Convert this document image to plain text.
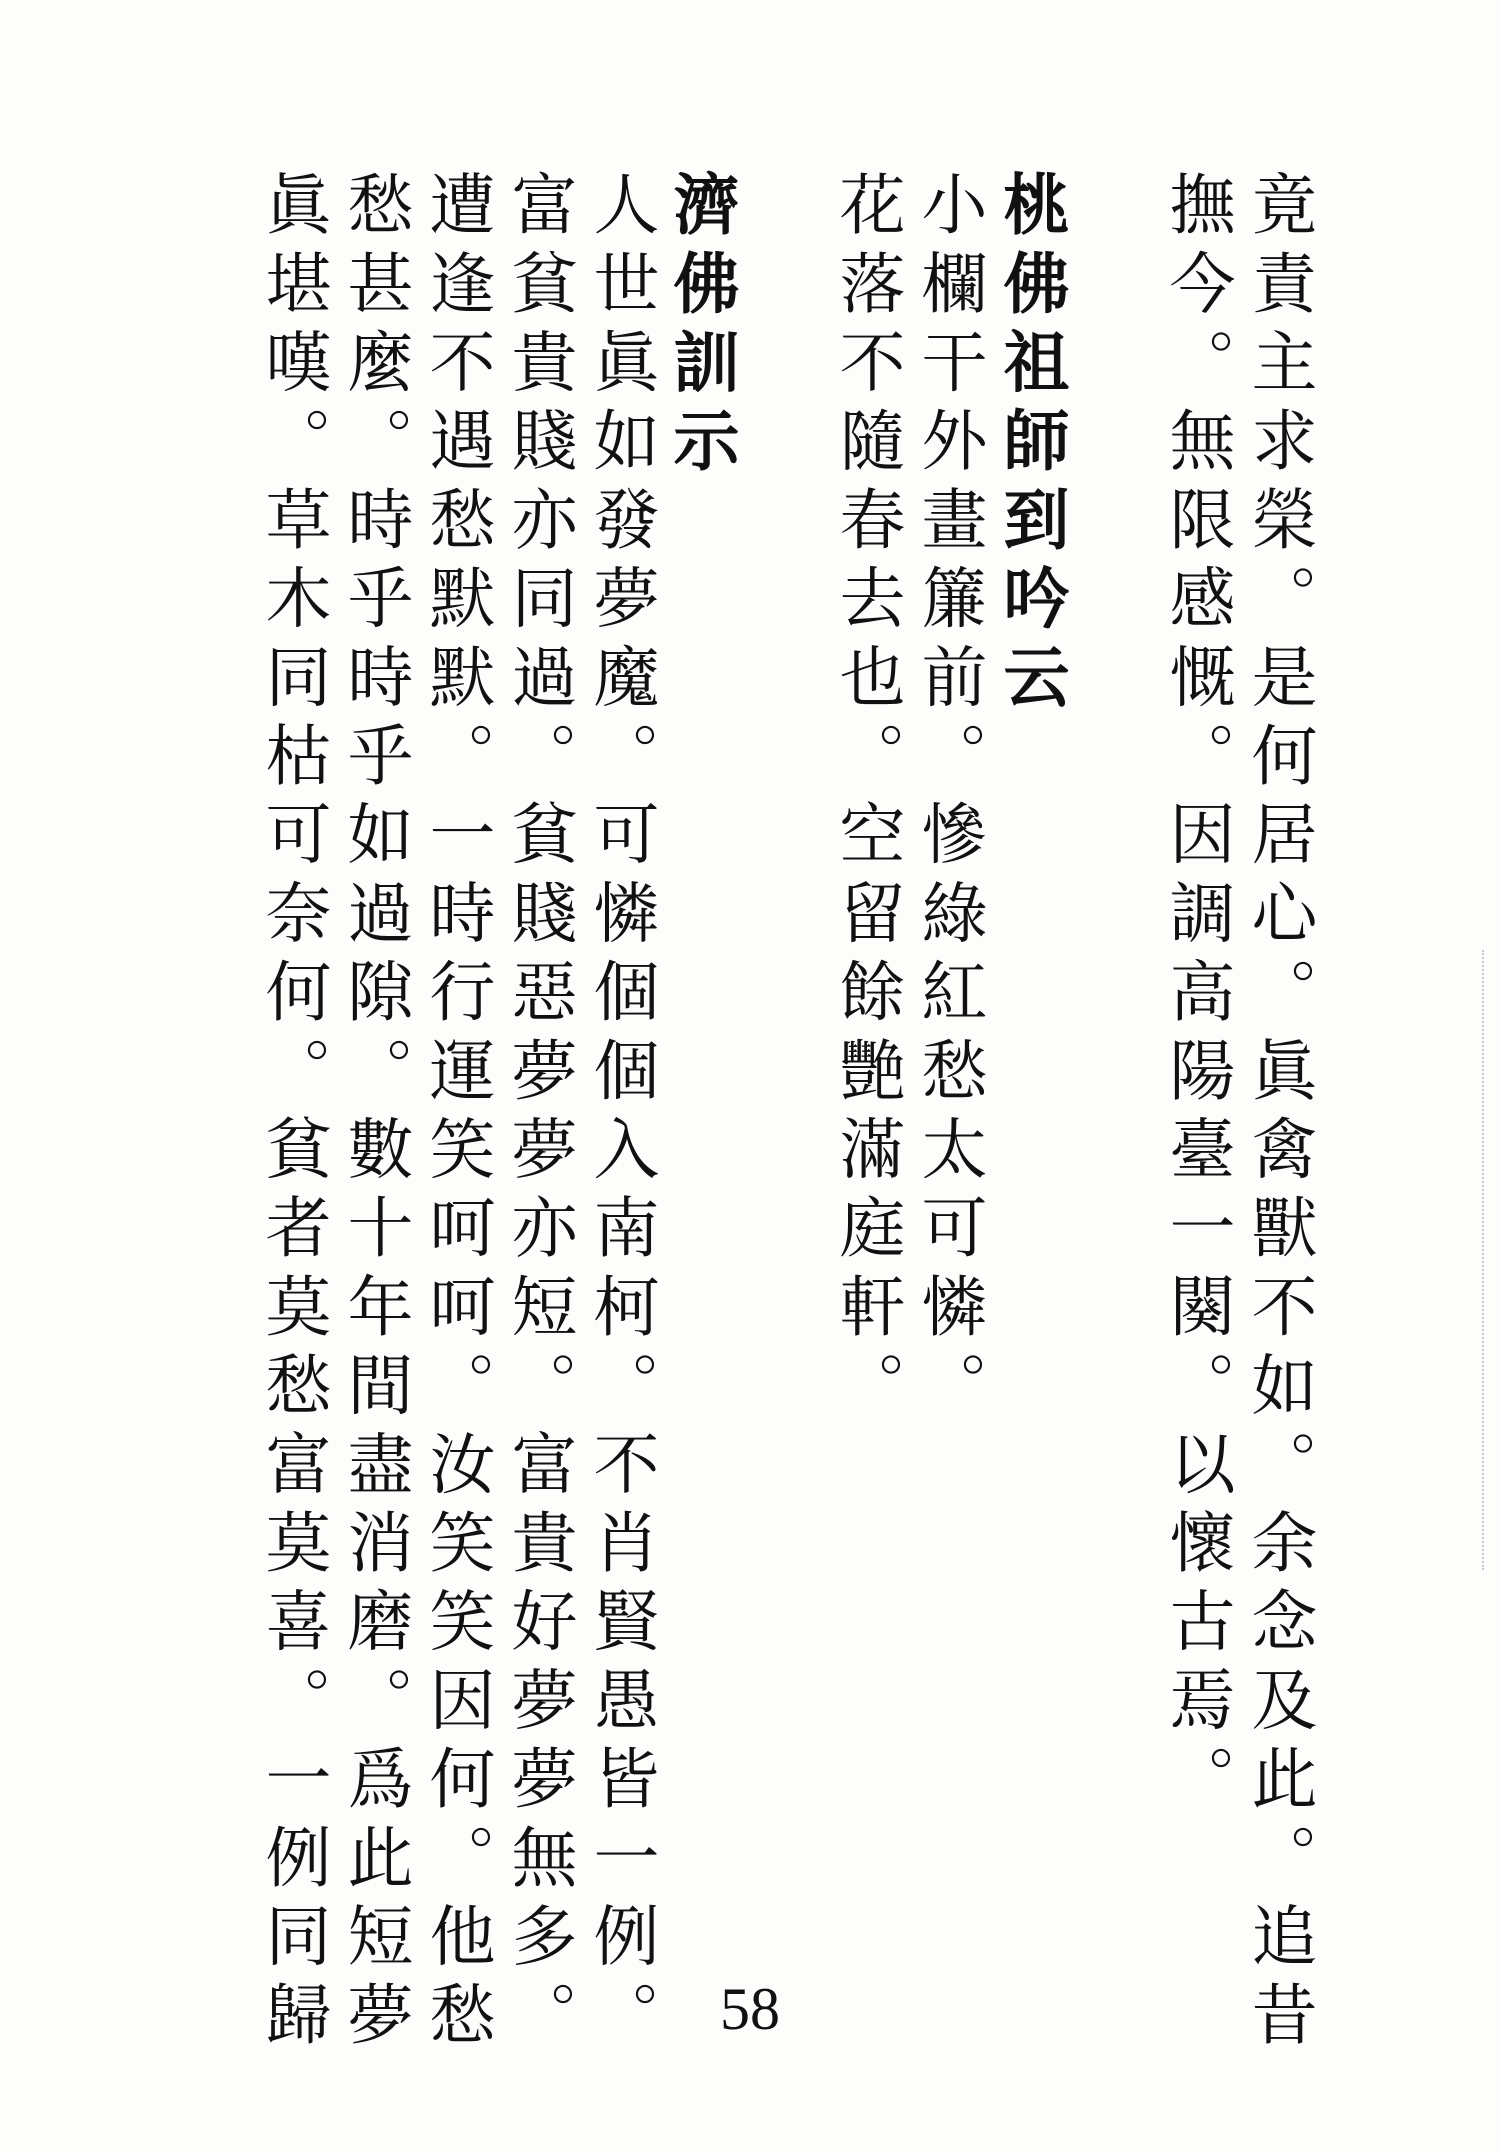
竟責主求榮。是何居心。眞禽獸不如。余念及此。追昔
撫今。無限感慨。因調高陽臺一闋。以懷古焉。
桃佛祖師到吟云
小欄干外畫簾前。慘綠紅愁太可憐。
花落不隨春去也。空留餘艷滿庭軒。
濟佛訓示
人世眞如發夢魔。可憐個個入南柯。不肖賢愚皆一例。
富貧貴賤亦同過。貧賤惡夢夢亦短。富貴好夢夢無多。
遭逢不遇愁默默。一時行運笑呵呵。汝笑笑因何。他愁
愁甚麼。時乎時乎如過隙。數十年間盡消磨。爲此短夢
眞堪嘆。草木同枯可奈何。貧者莫愁富莫喜。一例同歸	58
